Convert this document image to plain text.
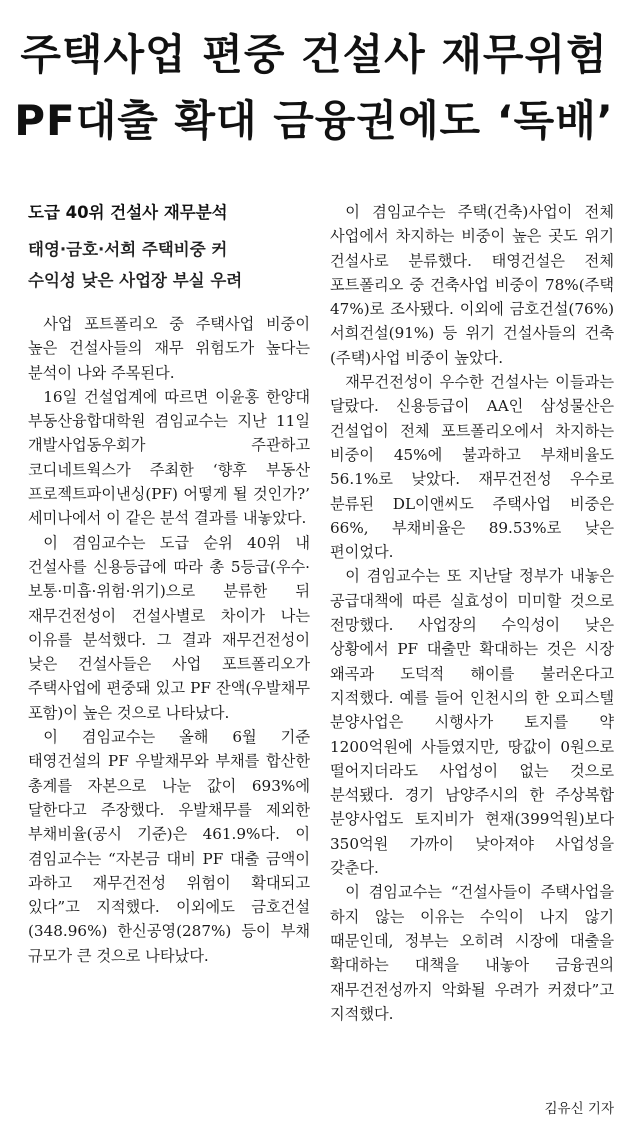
주택사업 편중 건설사 재무위험
PF대출 확대 금융권에도 ‘독배’

도급 40위 건설사 재무분석

태영·금호·서희 주택비중 커

수익성 낮은 사업장 부실 우려

사업 포트폴리오 중 주택사업 비중이 높은 건설사들의 재무 위험도가 높다는 분석이 나와 주목된다.

16일 건설업계에 따르면 이윤홍 한양대 부동산융합대학원 겸임교수는 지난 11일 개발사업동우회가 주관하고 코디네트웍스가 주최한 ‘향후 부동산 프로젝트파이낸싱(PF) 어떻게 될 것인가?’ 세미나에서 이 같은 분석 결과를 내놓았다.

이 겸임교수는 도급 순위 40위 내 건설사를 신용등급에 따라 총 5등급(우수·보통·미흡·위험·위기)으로 분류한 뒤 재무건전성이 건설사별로 차이가 나는 이유를 분석했다. 그 결과 재무건전성이 낮은 건설사들은 사업 포트폴리오가 주택사업에 편중돼 있고 PF 잔액(우발채무 포함)이 높은 것으로 나타났다.

이 겸임교수는 올해 6월 기준 태영건설의 PF 우발채무와 부채를 합산한 총계를 자본으로 나눈 값이 693%에 달한다고 주장했다. 우발채무를 제외한 부채비율(공시 기준)은 461.9%다. 이 겸임교수는 “자본금 대비 PF 대출 금액이 과하고 재무건전성 위험이 확대되고 있다”고 지적했다. 이외에도 금호건설(348.96%) 한신공영(287%) 등이 부채 규모가 큰 것으로 나타났다.

이 겸임교수는 주택(건축)사업이 전체 사업에서 차지하는 비중이 높은 곳도 위기 건설사로 분류했다. 태영건설은 전체 포트폴리오 중 건축사업 비중이 78%(주택 47%)로 조사됐다. 이외에 금호건설(76%) 서희건설(91%) 등 위기 건설사들의 건축(주택)사업 비중이 높았다.

재무건전성이 우수한 건설사는 이들과는 달랐다. 신용등급이 AA인 삼성물산은 건설업이 전체 포트폴리오에서 차지하는 비중이 45%에 불과하고 부채비율도 56.1%로 낮았다. 재무건전성 우수로 분류된 DL이앤씨도 주택사업 비중은 66%, 부채비율은 89.53%로 낮은 편이었다.

이 겸임교수는 또 지난달 정부가 내놓은 공급대책에 따른 실효성이 미미할 것으로 전망했다. 사업장의 수익성이 낮은 상황에서 PF 대출만 확대하는 것은 시장 왜곡과 도덕적 해이를 불러온다고 지적했다. 예를 들어 인천시의 한 오피스텔 분양사업은 시행사가 토지를 약 1200억원에 사들였지만, 땅값이 0원으로 떨어지더라도 사업성이 없는 것으로 분석됐다. 경기 남양주시의 한 주상복합 분양사업도 토지비가 현재(399억원)보다 350억원 가까이 낮아져야 사업성을 갖춘다.

이 겸임교수는 “건설사들이 주택사업을 하지 않는 이유는 수익이 나지 않기 때문인데, 정부는 오히려 시장에 대출을 확대하는 대책을 내놓아 금융권의 재무건전성까지 악화될 우려가 커졌다”고 지적했다.

김유신 기자
